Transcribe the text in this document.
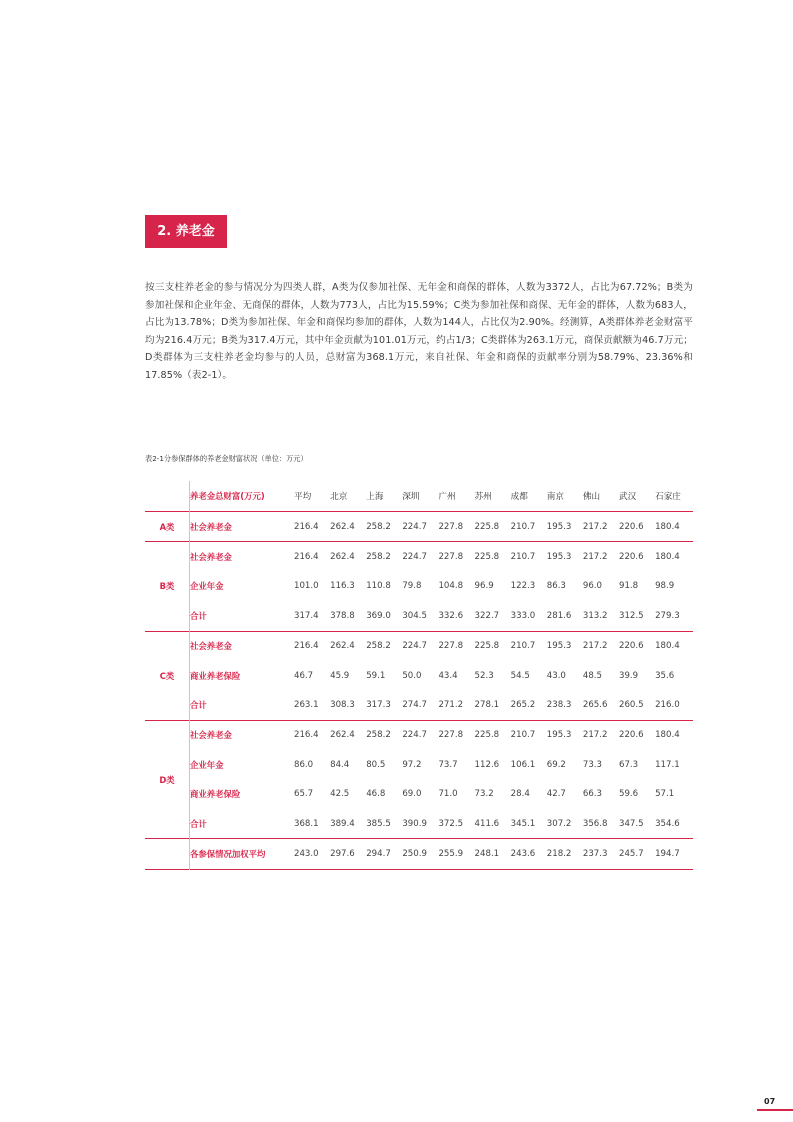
2. 养老金

按三支柱养老金的参与情况分为四类人群，A类为仅参加社保、无年金和商保的群体，人数为3372人，占比为67.72%；B类为参加社保和企业年金、无商保的群体，人数为773人，占比为15.59%；C类为参加社保和商保、无年金的群体，人数为683人，占比为13.78%；D类为参加社保、年金和商保均参加的群体，人数为144人，占比仅为2.90%。经测算，A类群体养老金财富平均为216.4万元；B类为317.4万元，其中年金贡献为101.01万元，约占1/3；C类群体为263.1万元，商保贡献额为46.7万元；D类群体为三支柱养老金均参与的人员，总财富为368.1万元，来自社保、年金和商保的贡献率分别为58.79%、23.36%和17.85%（表2-1）。

表2-1分参保群体的养老金财富状况（单位：万元）
	养老金总财富(万元)	平均	北京	上海	深圳	广州	苏州	成都	南京	佛山	武汉	石家庄
A类	社会养老金	216.4	262.4	258.2	224.7	227.8	225.8	210.7	195.3	217.2	220.6	180.4
B类	社会养老金	216.4	262.4	258.2	224.7	227.8	225.8	210.7	195.3	217.2	220.6	180.4
	企业年金	101.0	116.3	110.8	79.8	104.8	96.9	122.3	86.3	96.0	91.8	98.9
	合计	317.4	378.8	369.0	304.5	332.6	322.7	333.0	281.6	313.2	312.5	279.3
C类	社会养老金	216.4	262.4	258.2	224.7	227.8	225.8	210.7	195.3	217.2	220.6	180.4
	商业养老保险	46.7	45.9	59.1	50.0	43.4	52.3	54.5	43.0	48.5	39.9	35.6
	合计	263.1	308.3	317.3	274.7	271.2	278.1	265.2	238.3	265.6	260.5	216.0
D类	社会养老金	216.4	262.4	258.2	224.7	227.8	225.8	210.7	195.3	217.2	220.6	180.4
	企业年金	86.0	84.4	80.5	97.2	73.7	112.6	106.1	69.2	73.3	67.3	117.1
	商业养老保险	65.7	42.5	46.8	69.0	71.0	73.2	28.4	42.7	66.3	59.6	57.1
	合计	368.1	389.4	385.5	390.9	372.5	411.6	345.1	307.2	356.8	347.5	354.6
	各参保情况加权平均	243.0	297.6	294.7	250.9	255.9	248.1	243.6	218.2	237.3	245.7	194.7
07
